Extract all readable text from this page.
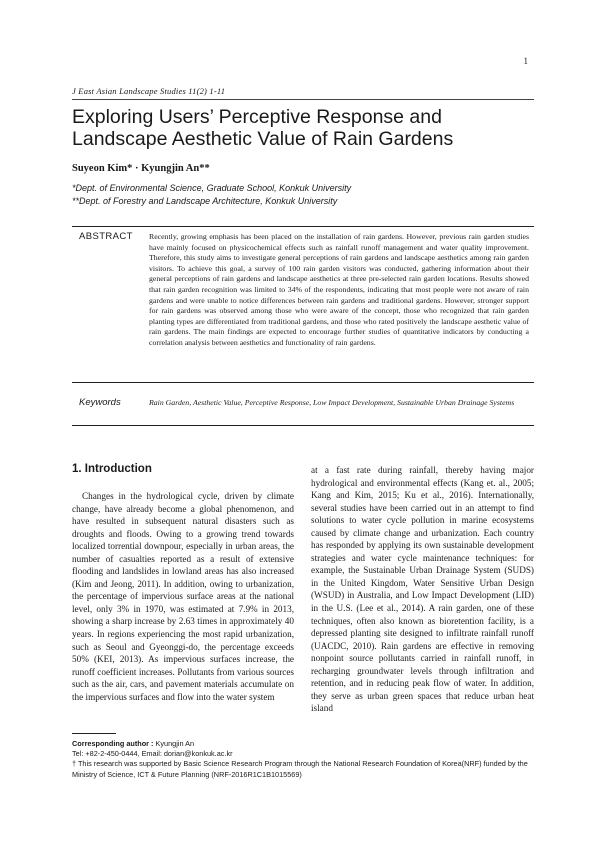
1
J East Asian Landscape Studies 11(2) 1-11
Exploring Users’ Perceptive Response and Landscape Aesthetic Value of Rain Gardens
Suyeon Kim* · Kyungjin An**
*Dept. of Environmental Science, Graduate School, Konkuk University
**Dept. of Forestry and Landscape Architecture, Konkuk University
ABSTRACT Recently, growing emphasis has been placed on the installation of rain gardens. However, previous rain garden studies have mainly focused on physicochemical effects such as rainfall runoff management and water quality improvement. Therefore, this study aims to investigate general perceptions of rain gardens and landscape aesthetics among rain garden visitors. To achieve this goal, a survey of 100 rain garden visitors was conducted, gathering information about their general perceptions of rain gardens and landscape aesthetics at three pre-selected rain garden locations. Results showed that rain garden recognition was limited to 34% of the respondents, indicating that most people were not aware of rain gardens and were unable to notice differences between rain gardens and traditional gardens. However, stronger support for rain gardens was observed among those who were aware of the concept, those who recognized that rain garden planting types are differentiated from traditional gardens, and those who rated positively the landscape aesthetic value of rain gardens. The main findings are expected to encourage further studies of quantitative indicators by conducting a correlation analysis between aesthetics and functionality of rain gardens.
Keywords	Rain Garden, Aesthetic Value, Perceptive Response, Low Impact Development, Sustainable Urban Drainage Systems
1. Introduction

Changes in the hydrological cycle, driven by climate change, have already become a global phenomenon, and have resulted in subsequent natural disasters such as droughts and floods. Owing to a growing trend towards localized torrential downpour, especially in urban areas, the number of casualties reported as a result of extensive flooding and landslides in lowland areas has also increased (Kim and Jeong, 2011). In addition, owing to urbanization, the percentage of impervious surface areas at the national level, only 3% in 1970, was estimated at 7.9% in 2013, showing a sharp increase by 2.63 times in approximately 40 years. In regions experiencing the most rapid urbanization, such as Seoul and Gyeonggi-do, the percentage exceeds 50% (KEI, 2013). As impervious surfaces increase, the runoff coefficient increases. Pollutants from various sources such as the air, cars, and pavement materials accumulate on the impervious surfaces and flow into the water system

at a fast rate during rainfall, thereby having major hydrological and environmental effects (Kang et. al., 2005; Kang and Kim, 2015; Ku et al., 2016). Internationally, several studies have been carried out in an attempt to find solutions to water cycle pollution in marine ecosystems caused by climate change and urbanization. Each country has responded by applying its own sustainable development strategies and water cycle maintenance techniques: for example, the Sustainable Urban Drainage System (SUDS) in the United Kingdom, Water Sensitive Urban Design (WSUD) in Australia, and Low Impact Development (LID) in the U.S. (Lee et al., 2014). A rain garden, one of these techniques, often also known as bioretention facility, is a depressed planting site designed to infiltrate rainfall runoff (UACDC, 2010). Rain gardens are effective in removing nonpoint source pollutants carried in rainfall runoff, in recharging groundwater levels through infiltration and retention, and in reducing peak flow of water. In addition, they serve as urban green spaces that reduce urban heat island

Corresponding author : Kyungjin An
Tel: +82-2-450-0444, Email: dorian@konkuk.ac.kr
† This research was supported by Basic Science Research Program through the National Research Foundation of Korea(NRF) funded by the Ministry of Science, ICT & Future Planning (NRF-2016R1C1B1015569)
